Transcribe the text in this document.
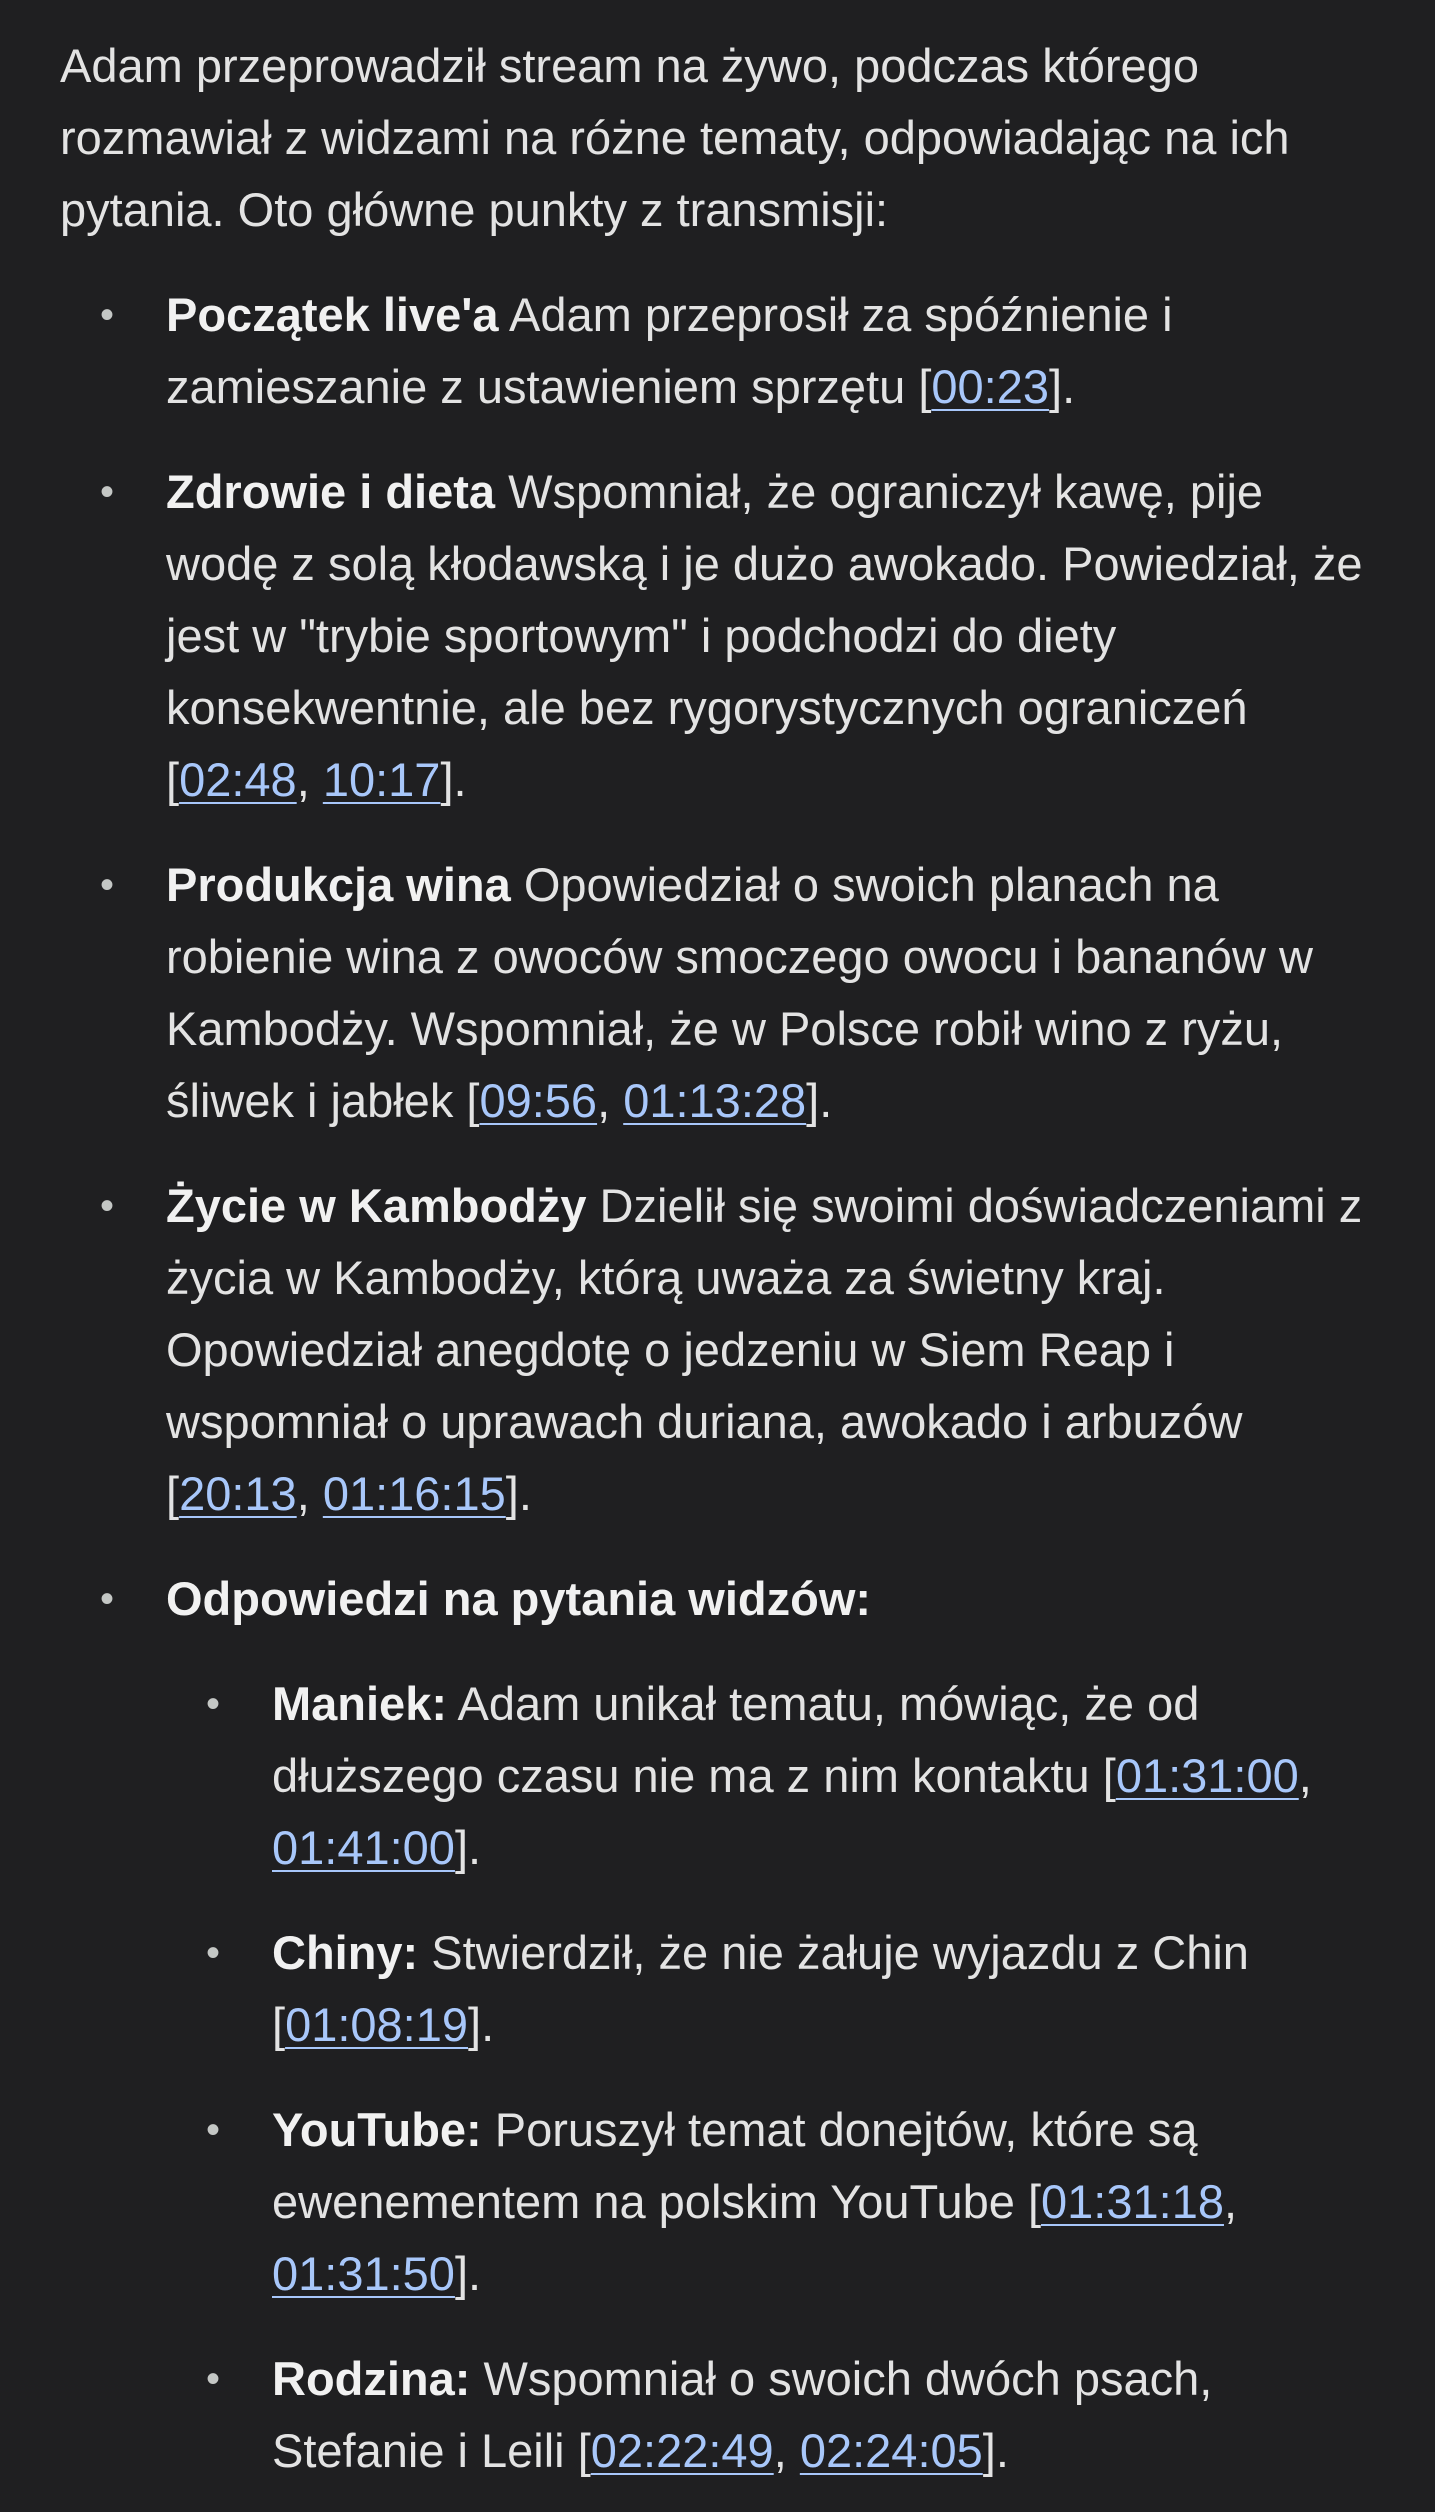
Adam przeprowadził stream na żywo, podczas którego rozmawiał z widzami na różne tematy, odpowiadając na ich pytania. Oto główne punkty z transmisji:

• Początek live'a Adam przeprosił za spóźnienie i zamieszanie z ustawieniem sprzętu [00:23].
• Zdrowie i dieta Wspomniał, że ograniczył kawę, pije wodę z solą kłodawską i je dużo awokado. Powiedział, że jest w "trybie sportowym" i podchodzi do diety konsekwentnie, ale bez rygorystycznych ograniczeń [02:48, 10:17].
• Produkcja wina Opowiedział o swoich planach na robienie wina z owoców smoczego owocu i bananów w Kambodży. Wspomniał, że w Polsce robił wino z ryżu, śliwek i jabłek [09:56, 01:13:28].
• Życie w Kambodży Dzielił się swoimi doświadczeniami z życia w Kambodży, którą uważa za świetny kraj. Opowiedział anegdotę o jedzeniu w Siem Reap i wspomniał o uprawach duriana, awokado i arbuzów [20:13, 01:16:15].
• Odpowiedzi na pytania widzów:
• Maniek: Adam unikał tematu, mówiąc, że od dłuższego czasu nie ma z nim kontaktu [01:31:00, 01:41:00].
• Chiny: Stwierdził, że nie żałuje wyjazdu z Chin [01:08:19].
• YouTube: Poruszył temat donejtów, które są ewenementem na polskim YouTube [01:31:18, 01:31:50].
• Rodzina: Wspomniał o swoich dwóch psach, Stefanie i Leili [02:22:49, 02:24:05].
